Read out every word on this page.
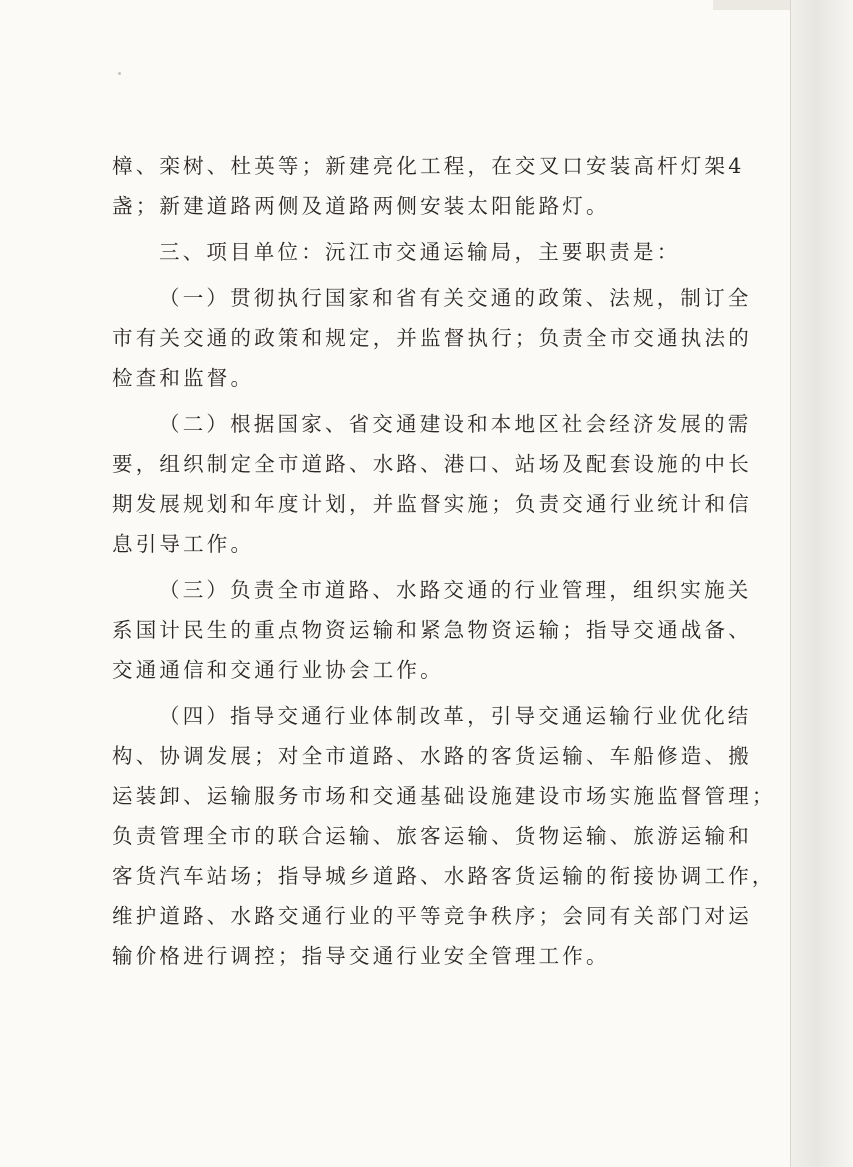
樟、栾树、杜英等；新建亮化工程，在交叉口安装高杆灯架4
盏；新建道路两侧及道路两侧安装太阳能路灯。
三、项目单位：沅江市交通运输局，主要职责是：
（一）贯彻执行国家和省有关交通的政策、法规，制订全
市有关交通的政策和规定，并监督执行；负责全市交通执法的
检查和监督。
（二）根据国家、省交通建设和本地区社会经济发展的需
要，组织制定全市道路、水路、港口、站场及配套设施的中长
期发展规划和年度计划，并监督实施；负责交通行业统计和信
息引导工作。
（三）负责全市道路、水路交通的行业管理，组织实施关
系国计民生的重点物资运输和紧急物资运输；指导交通战备、
交通通信和交通行业协会工作。
（四）指导交通行业体制改革，引导交通运输行业优化结
构、协调发展；对全市道路、水路的客货运输、车船修造、搬
运装卸、运输服务市场和交通基础设施建设市场实施监督管理；
负责管理全市的联合运输、旅客运输、货物运输、旅游运输和
客货汽车站场；指导城乡道路、水路客货运输的衔接协调工作，
维护道路、水路交通行业的平等竞争秩序；会同有关部门对运
输价格进行调控；指导交通行业安全管理工作。
